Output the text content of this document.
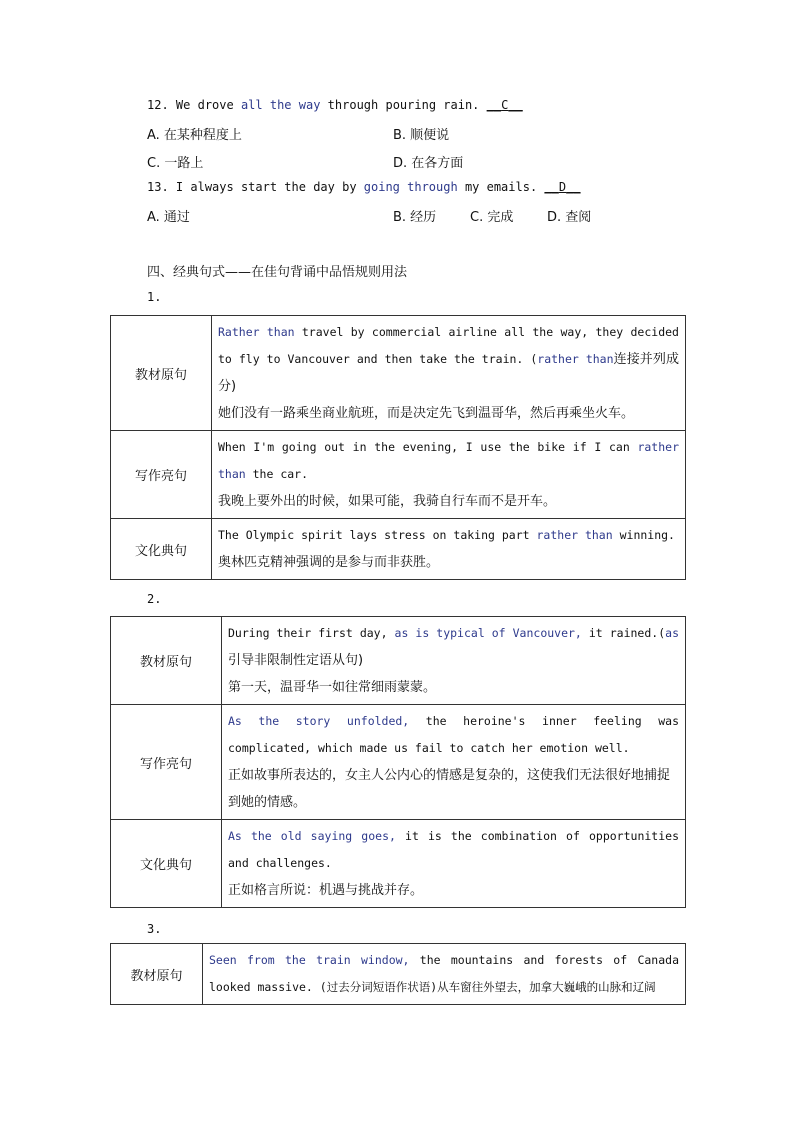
12. We drove all the way through pouring rain. __C__
A. 在某种程度上	B. 顺便说
C. 一路上	D. 在各方面
13. I always start the day by going through my emails. __D__
A. 通过	B. 经历	C. 完成	D. 查阅
四、经典句式——在佳句背诵中品悟规则用法
1.
教材原句	Rather than travel by commercial airline all the way, they decided to fly to Vancouver and then take the train. (rather than连接并列成分)
她们没有一路乘坐商业航班，而是决定先飞到温哥华，然后再乘坐火车。

写作亮句	When I'm going out in the evening, I use the bike if I can rather than the car.
我晚上要外出的时候，如果可能，我骑自行车而不是开车。

文化典句	The Olympic spirit lays stress on taking part rather than winning.
奥林匹克精神强调的是参与而非获胜。
2.
教材原句	During their first day, as is typical of Vancouver, it rained.(as引导非限制性定语从句)
第一天，温哥华一如往常细雨蒙蒙。

写作亮句	As the story unfolded, the heroine's inner feeling was complicated, which made us fail to catch her emotion well.
正如故事所表达的，女主人公内心的情感是复杂的，这使我们无法很好地捕捉到她的情感。

文化典句	As the old saying goes, it is the combination of opportunities and challenges.
正如格言所说：机遇与挑战并存。
3.
教材原句	
Seen from the train window, the mountains and forests of Canada looked massive. (过去分词短语作状语)从车窗往外望去，加拿大巍峨的山脉和辽阔
